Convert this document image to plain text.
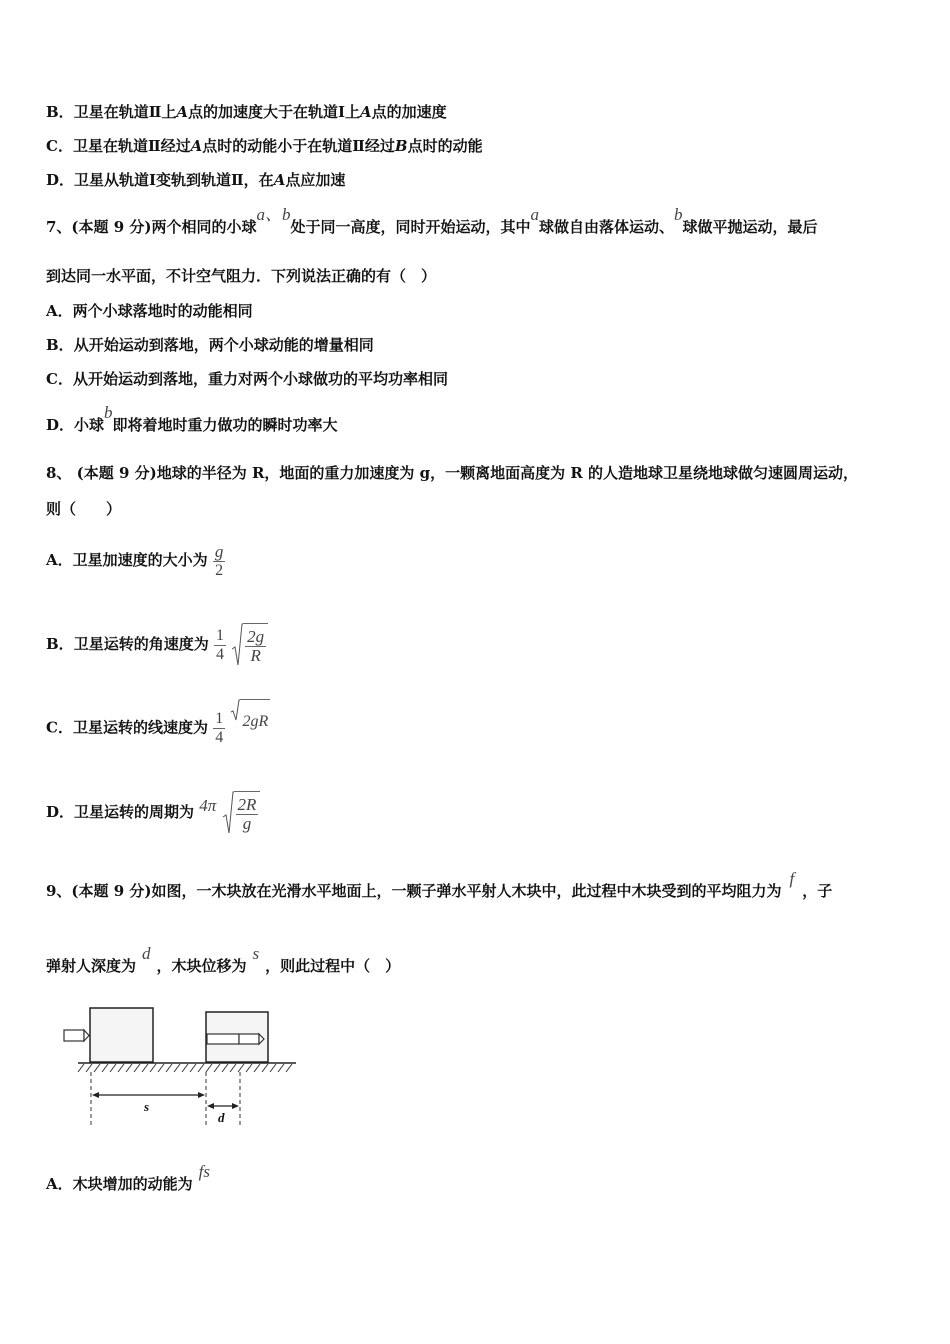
B．卫星在轨道Ⅱ上A点的加速度大于在轨道Ⅰ上A点的加速度
C．卫星在轨道Ⅱ经过A点时的动能小于在轨道Ⅱ经过B点时的动能
D．卫星从轨道Ⅰ变轨到轨道Ⅱ，在A点应加速
7、(本题 9 分)两个相同的小球a、b处于同一高度，同时开始运动，其中a球做自由落体运动、b球做平抛运动，最后
到达同一水平面，不计空气阻力．下列说法正确的有（　）
A．两个小球落地时的动能相同
B．从开始运动到落地，两个小球动能的增量相同
C．从开始运动到落地，重力对两个小球做功的平均功率相同
D．小球b即将着地时重力做功的瞬时功率大
8、 (本题 9 分)地球的半径为 R，地面的重力加速度为 g，一颗离地面高度为 R 的人造地球卫星绕地球做匀速圆周运动，
则（　　）
A．卫星加速度的大小为 $\frac{g}{2}$
B．卫星运转的角速度为 $\frac{1}{4}$
$\frac{2g}{R}$
C．卫星运转的线速度为 $\frac{1}{4}$
2gR
D．卫星运转的周期为 $4\pi \frac{2R}{g}$
9、(本题 9 分)如图，一木块放在光滑水平地面上，一颗子弹水平射人木块中，此过程中木块受到的平均阻力为f，子
弹射人深度为d，木块位移为s，则此过程中（　）
s
d
A．木块增加的动能为fs
